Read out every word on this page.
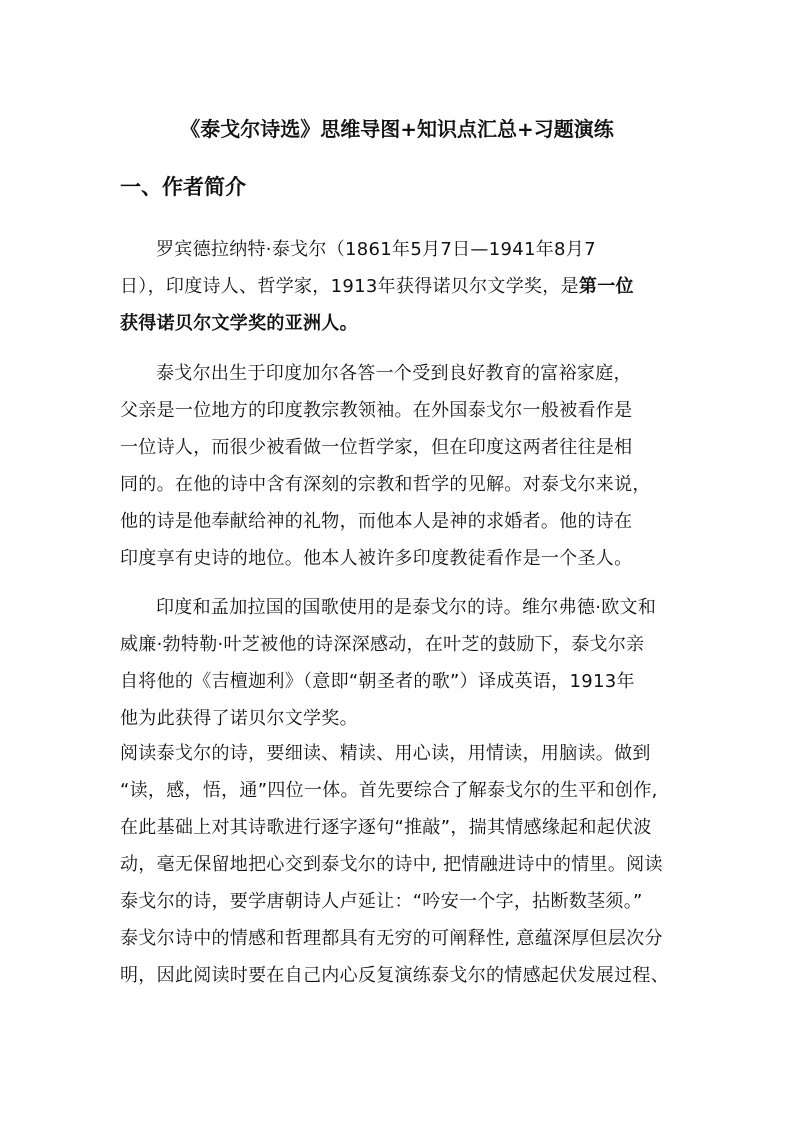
《泰戈尔诗选》思维导图+知识点汇总+习题演练
一、作者简介
罗宾德拉纳特·泰戈尔（1861年5月7日—1941年8月7
日），印度诗人、哲学家，1913年获得诺贝尔文学奖，是第一位
获得诺贝尔文学奖的亚洲人。
泰戈尔出生于印度加尔各答一个受到良好教育的富裕家庭，
父亲是一位地方的印度教宗教领袖。在外国泰戈尔一般被看作是
一位诗人，而很少被看做一位哲学家，但在印度这两者往往是相
同的。在他的诗中含有深刻的宗教和哲学的见解。对泰戈尔来说，
他的诗是他奉献给神的礼物，而他本人是神的求婚者。他的诗在
印度享有史诗的地位。他本人被许多印度教徒看作是一个圣人。
印度和孟加拉国的国歌使用的是泰戈尔的诗。维尔弗德·欧文和
威廉·勃特勒·叶芝被他的诗深深感动，在叶芝的鼓励下，泰戈尔亲
自将他的《吉檀迦利》（意即“朝圣者的歌”）译成英语，1913年
他为此获得了诺贝尔文学奖。
阅读泰戈尔的诗，要细读、精读、用心读，用情读，用脑读。做到
“读，感，悟，通”四位一体。首先要综合了解泰戈尔的生平和创作,
在此基础上对其诗歌进行逐字逐句“推敲”，揣其情感缘起和起伏波
动，毫无保留地把心交到泰戈尔的诗中, 把情融进诗中的情里。阅读
泰戈尔的诗，要学唐朝诗人卢延让：“吟安一个字，拈断数茎须。”
泰戈尔诗中的情感和哲理都具有无穷的可阐释性, 意蕴深厚但层次分
明，因此阅读时要在自己内心反复演练泰戈尔的情感起伏发展过程、
